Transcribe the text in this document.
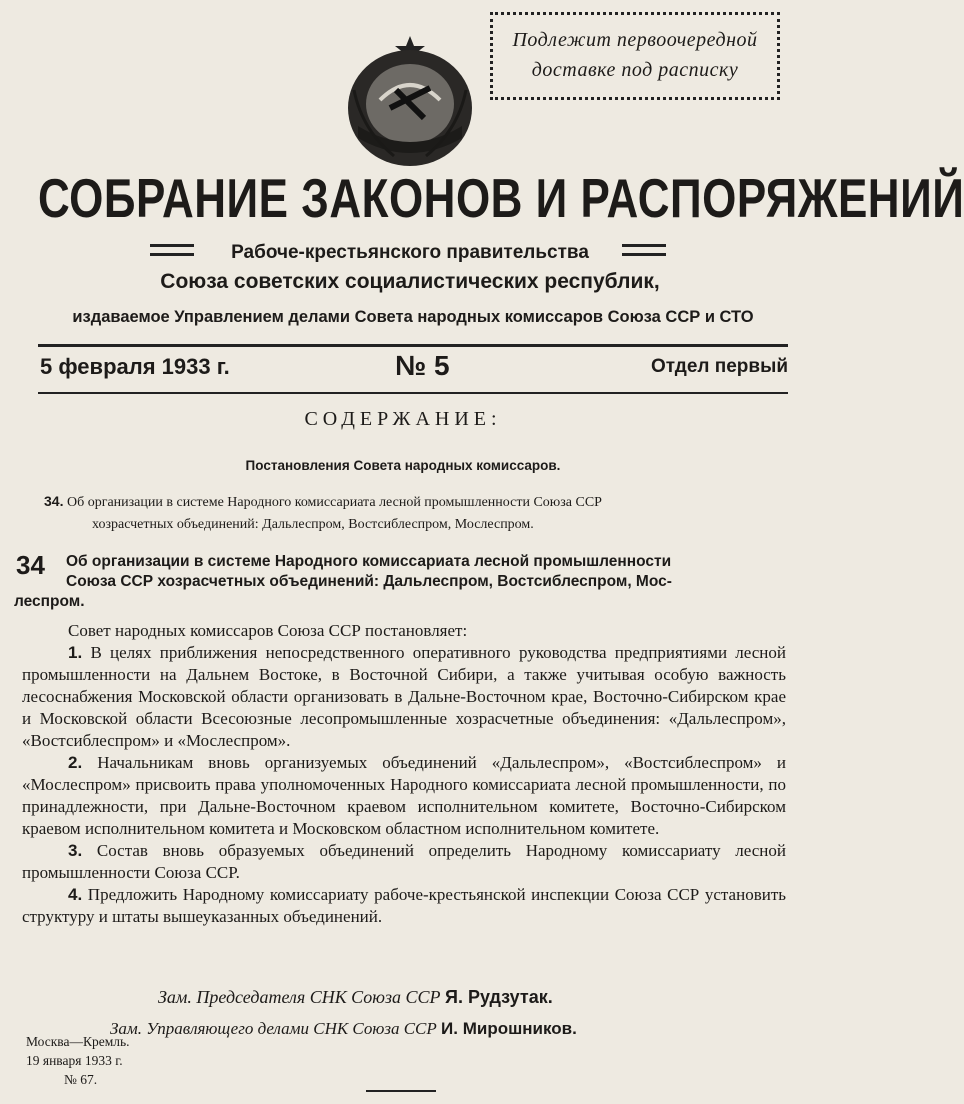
Подлежит первоочередной
доставке под расписку
СОБРАНИЕ ЗАКОНОВ И РАСПОРЯЖЕНИЙ
Рабоче-крестьянского правительства
Союза советских социалистических республик,
издаваемое Управлением делами Совета народных комиссаров Союза ССР и СТО
5 февраля 1933 г.	№ 5	Отдел первый
СОДЕРЖАНИЕ:
Постановления Совета народных комиссаров.
34. Об организации в системе Народного комиссариата лесной промышленности Союза ССР
хозрасчетных объединений: Дальлеспром, Востсиблеспром, Мослеспром.
34 Об организации в системе Народного комиссариата лесной промышленности
Союза ССР хозрасчетных объединений: Дальлеспром, Востсиблеспром, Мос-
леспром.

Совет народных комиссаров Союза ССР постановляет:

1. В целях приближения непосредственного оперативного руководства предприятиями лесной промышленности на Дальнем Востоке, в Восточной Сибири, а также учитывая особую важность лесоснабжения Московской области организовать в Дальне-Восточном крае, Восточно-Сибирском крае и Московской области Всесоюзные лесопромышленные хозрасчетные объединения: «Дальлеспром», «Востсиблеспром» и «Мослеспром».

2. Начальникам вновь организуемых объединений «Дальлеспром», «Востсиблеспром» и «Мослеспром» присвоить права уполномоченных Народного комиссариата лесной промышленности, по принадлежности, при Дальне-Восточном краевом исполнительном комитете, Восточно-Сибирском краевом исполнительном комитета и Московском областном исполнительном комитете.

3. Состав вновь образуемых объединений определить Народному комиссариату лесной промышленности Союза ССР.

4. Предложить Народному комиссариату рабоче-крестьянской инспекции Союза ССР установить структуру и штаты вышеуказанных объединений.

Зам. Председателя СНК Союза ССР Я. Рудзутак.
Зам. Управляющего делами СНК Союза ССР И. Мирошников.
Москва—Кремль.
19 января 1933 г.
№ 67.
